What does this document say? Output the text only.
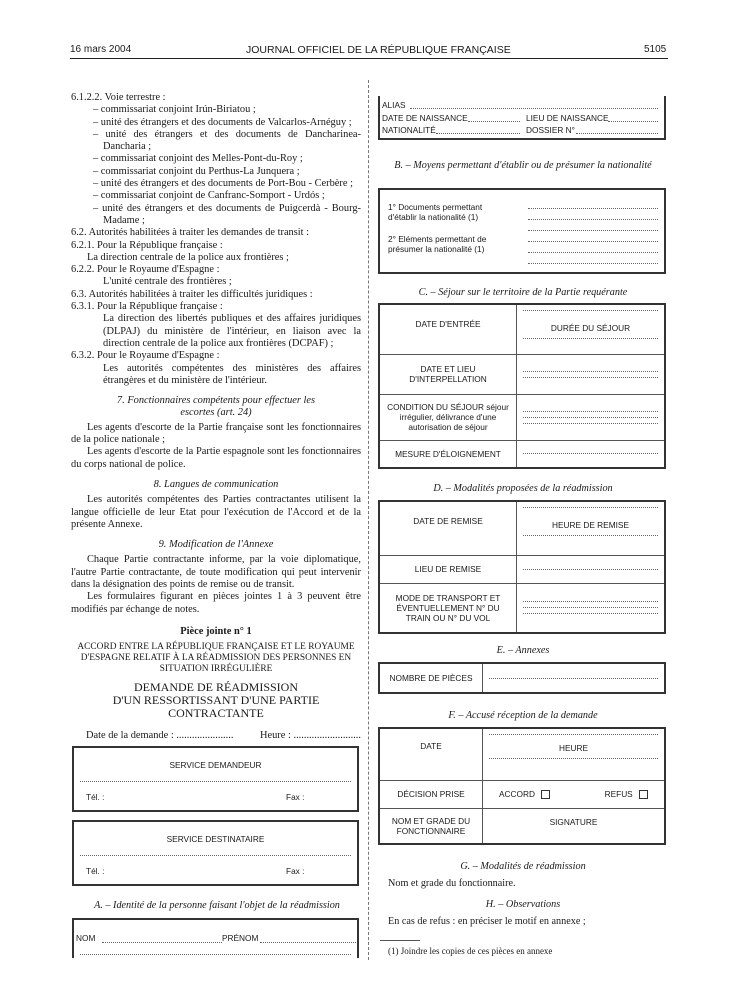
16 mars 2004	JOURNAL OFFICIEL DE LA RÉPUBLIQUE FRANÇAISE	5105

6.1.2.2. Voie terrestre :

– commissariat conjoint Irún-Biriatou ;

– unité des étrangers et des documents de Valcarlos-Arnéguy ;

– unité des étrangers et des documents de Dancharinea-Dancharia ;

– commissariat conjoint des Melles-Pont-du-Roy ;

– commissariat conjoint du Perthus-La Junquera ;

– unité des étrangers et des documents de Port-Bou - Cerbère ;

– commissariat conjoint de Canfranc-Somport - Urdós ;

– unité des étrangers et des documents de Puigcerdà - Bourg-Madame ;

6.2. Autorités habilitées à traiter les demandes de transit :

6.2.1. Pour la République française :

La direction centrale de la police aux frontières ;

6.2.2. Pour le Royaume d'Espagne :

L'unité centrale des frontières ;

6.3. Autorités habilitées à traiter les difficultés juridiques :

6.3.1. Pour la République française :

La direction des libertés publiques et des affaires juridiques (DLPAJ) du ministère de l'intérieur, en liaison avec la direction centrale de la police aux frontières (DCPAF) ;

6.3.2. Pour le Royaume d'Espagne :

Les autorités compétentes des ministères des affaires étrangères et du ministère de l'intérieur.

7. Fonctionnaires compétents pour effectuer les escortes (art. 24)

Les agents d'escorte de la Partie française sont les fonctionnaires de la police nationale ;

Les agents d'escorte de la Partie espagnole sont les fonctionnaires du corps national de police.

8. Langues de communication

Les autorités compétentes des Parties contractantes utilisent la langue officielle de leur Etat pour l'exécution de l'Accord et de la présente Annexe.

9. Modification de l'Annexe

Chaque Partie contractante informe, par la voie diplomatique, l'autre Partie contractante, de toute modification qui peut intervenir dans la désignation des points de remise ou de transit.

Les formulaires figurant en pièces jointes 1 à 3 peuvent être modifiés par échange de notes.

Pièce jointe n° 1

ACCORD ENTRE LA RÉPUBLIQUE FRANÇAISE ET LE ROYAUME D'ESPAGNE RELATIF À LA RÉADMISSION DES PERSONNES EN SITUATION IRRÉGULIÈRE

DEMANDE DE RÉADMISSION

D'UN RESSORTISSANT D'UNE PARTIE CONTRACTANTE

Date de la demande : ......................	Heure : ..........................
SERVICE DEMANDEUR
Tél. :	Fax :
SERVICE DESTINATAIRE
Tél. :	Fax :
A. – Identité de la personne faisant l'objet de la réadmission
NOM	PRÉNOM
ALIAS
DATE DE NAISSANCE	LIEU DE NAISSANCE
NATIONALITÉ	DOSSIER N°
B. – Moyens permettant d'établir ou de présumer la nationalité
1° Documents permettant d'établir la nationalité (1)
2° Eléments permettant de présumer la nationalité (1)
C. – Séjour sur le territoire de la Partie requérante
DATE D'ENTRÉE	DURÉE DU SÉJOUR

DATE ET LIEU D'INTERPELLATION	

CONDITION DU SÉJOUR séjour irrégulier, délivrance d'une autorisation de séjour	

MESURE D'ÉLOIGNEMENT	
D. – Modalités proposées de la réadmission
DATE DE REMISE	HEURE DE REMISE

LIEU DE REMISE	

MODE DE TRANSPORT ET ÉVENTUELLEMENT N° DU TRAIN OU N° DU VOL	
E. – Annexes
NOMBRE DE PIÈCES	
F. – Accusé réception de la demande
DATE	HEURE

DÉCISION PRISE	ACCORD REFUS
NOM ET GRADE DU FONCTIONNAIRE	SIGNATURE
G. – Modalités de réadmission
Nom et grade du fonctionnaire.
H. – Observations
En cas de refus : en préciser le motif en annexe ;
(1) Joindre les copies de ces pièces en annexe
